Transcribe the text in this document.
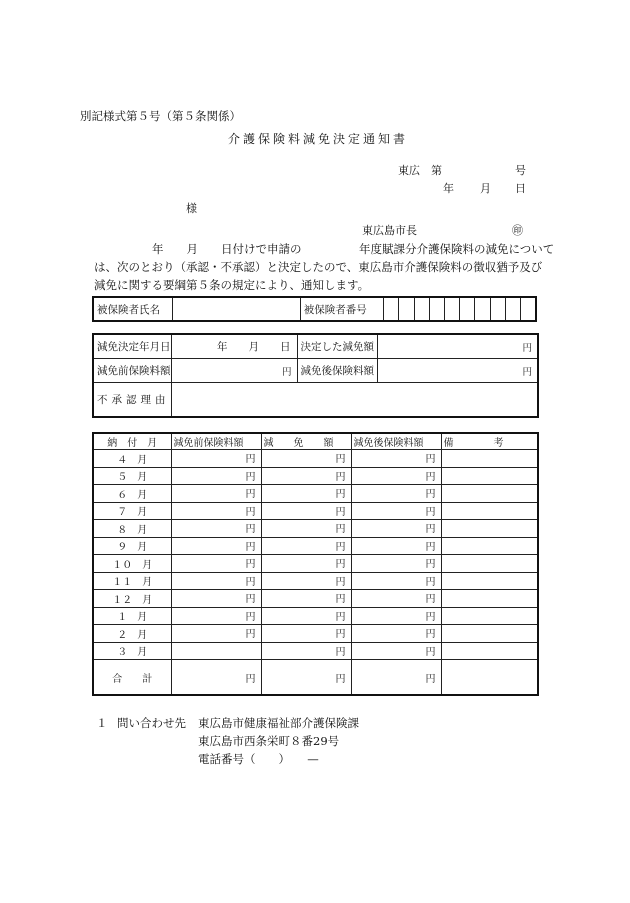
別記様式第５号（第５条関係）
介護保険料減免決定通知書
東広　第	号
年 月 日
様
東広島市長	㊞
年　　月　　日付けで申請の　　　　　年度賦課分介護保険料の減免について
は、次のとおり（承認・不承認）と決定したので、東広島市介護保険料の徴収猶予及び
減免に関する要綱第５条の規定により、通知します。
被保険者氏名		被保険者番号										
減免決定年月日	年　　月　　日	決定した減免額	円
減免前保険料額	円	減免後保険料額	円
不承認理由			
納　付　月	減免前保険料額	減　　免　　額	減免後保険料額	備　　　　考
４　月	円	円	円	
５　月	円	円	円	
６　月	円	円	円	
７　月	円	円	円	
８　月	円	円	円	
９　月	円	円	円	
１０　月	円	円	円	
１１　月	円	円	円	
１２　月	円	円	円	
１　月	円	円	円	
２　月	円	円	円	
３　月		円	円	
合　　計	円	円	円	
１ 問い合わせ先 東広島市健康福祉部介護保険課
東広島市西条栄町８番29号
電話番号（　　）　　—
